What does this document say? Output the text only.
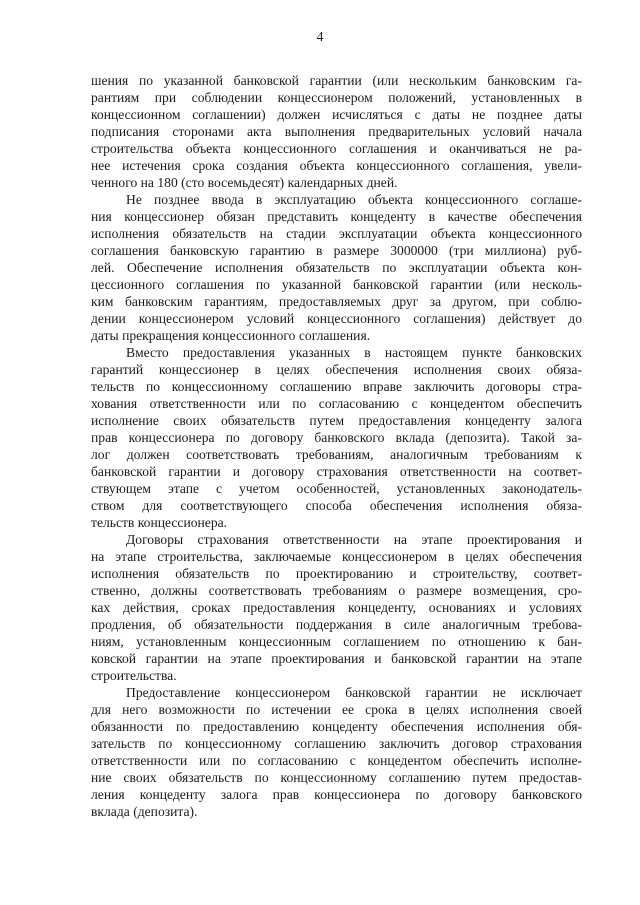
4
шения по указанной банковской гарантии (или нескольким банковским га-
рантиям при соблюдении концессионером положений, установленных в
концессионном соглашении) должен исчисляться с даты не позднее даты
подписания сторонами акта выполнения предварительных условий начала
строительства объекта концессионного соглашения и оканчиваться не ра-
нее истечения срока создания объекта концессионного соглашения, увели-
ченного на 180 (сто восемьдесят) календарных дней.
Не позднее ввода в эксплуатацию объекта концессионного соглаше-
ния концессионер обязан представить концеденту в качестве обеспечения
исполнения обязательств на стадии эксплуатации объекта концессионного
соглашения банковскую гарантию в размере 3000000 (три миллиона) руб-
лей. Обеспечение исполнения обязательств по эксплуатации объекта кон-
цессионного соглашения по указанной банковской гарантии (или несколь-
ким банковским гарантиям, предоставляемых друг за другом, при соблю-
дении концессионером условий концессионного соглашения) действует до
даты прекращения концессионного соглашения.
Вместо предоставления указанных в настоящем пункте банковских
гарантий концессионер в целях обеспечения исполнения своих обяза-
тельств по концессионному соглашению вправе заключить договоры стра-
хования ответственности или по согласованию с концедентом обеспечить
исполнение своих обязательств путем предоставления концеденту залога
прав концессионера по договору банковского вклада (депозита). Такой за-
лог должен соответствовать требованиям, аналогичным требованиям к
банковской гарантии и договору страхования ответственности на соответ-
ствующем этапе с учетом особенностей, установленных законодатель-
ством для соответствующего способа обеспечения исполнения обяза-
тельств концессионера.
Договоры страхования ответственности на этапе проектирования и
на этапе строительства, заключаемые концессионером в целях обеспечения
исполнения обязательств по проектированию и строительству, соответ-
ственно, должны соответствовать требованиям о размере возмещения, сро-
ках действия, сроках предоставления концеденту, основаниях и условиях
продления, об обязательности поддержания в силе аналогичным требова-
ниям, установленным концессионным соглашением по отношению к бан-
ковской гарантии на этапе проектирования и банковской гарантии на этапе
строительства.
Предоставление концессионером банковской гарантии не исключает
для него возможности по истечении ее срока в целях исполнения своей
обязанности по предоставлению концеденту обеспечения исполнения обя-
зательств по концессионному соглашению заключить договор страхования
ответственности или по согласованию с концедентом обеспечить исполне-
ние своих обязательств по концессионному соглашению путем предостав-
ления концеденту залога прав концессионера по договору банковского
вклада (депозита).
